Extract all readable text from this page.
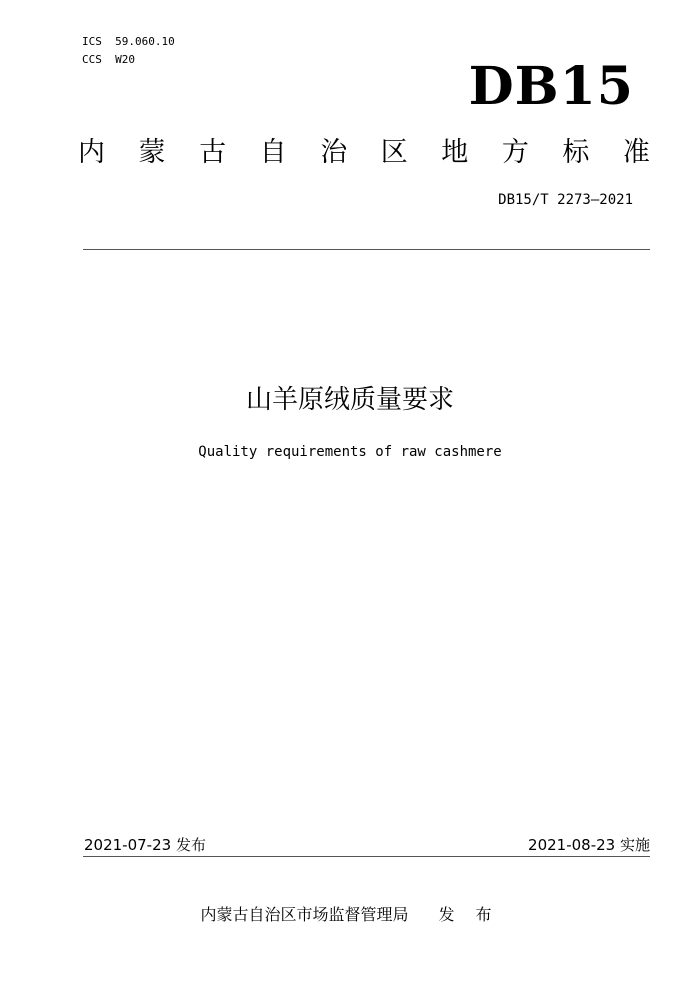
ICS  59.060.10
CCS  W20	DB15
内 蒙 古 自 治 区 地 方 标 准
DB15/T 2273—2021
山羊原绒质量要求
Quality requirements of raw cashmere
2021-07-23 发布	2021-08-23 实施
内蒙古自治区市场监督管理局 发 布
